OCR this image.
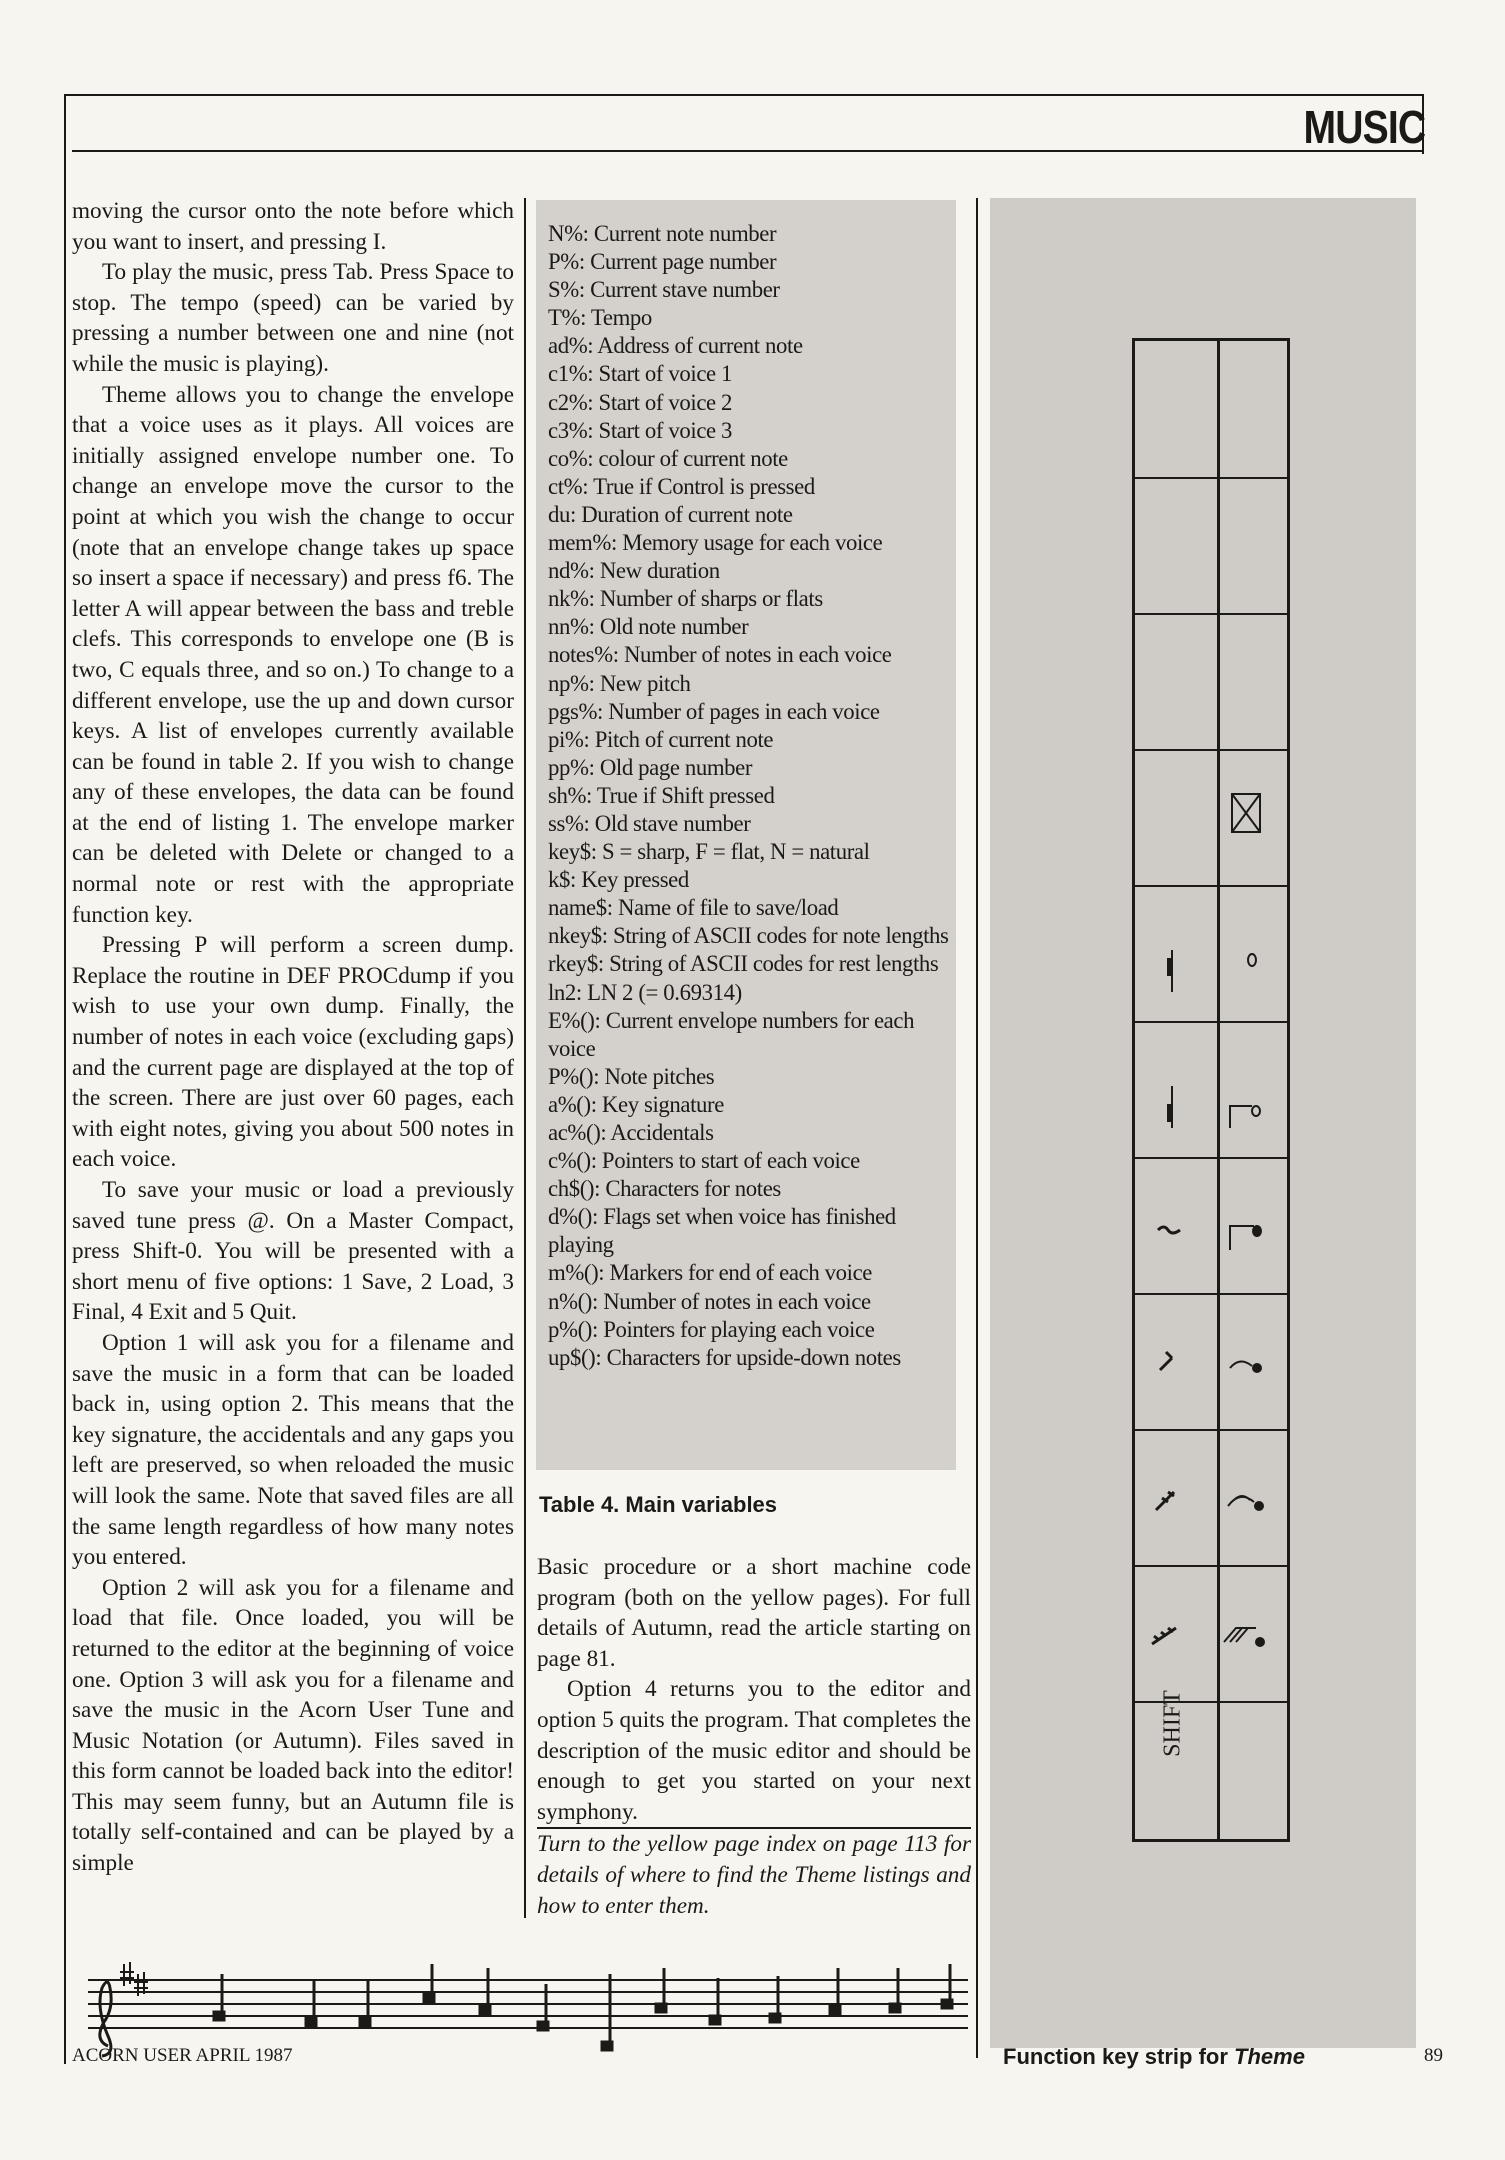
MUSIC

moving the cursor onto the note before which you want to insert, and pressing I.

To play the music, press Tab. Press Space to stop. The tempo (speed) can be varied by pressing a number between one and nine (not while the music is playing).

Theme allows you to change the envelope that a voice uses as it plays. All voices are initially assigned envelope number one. To change an envelope move the cursor to the point at which you wish the change to occur (note that an envelope change takes up space so insert a space if necessary) and press f6. The letter A will appear between the bass and treble clefs. This corresponds to envelope one (B is two, C equals three, and so on.) To change to a different envelope, use the up and down cursor keys. A list of envelopes currently available can be found in table 2. If you wish to change any of these envelopes, the data can be found at the end of listing 1. The envelope marker can be deleted with Delete or changed to a normal note or rest with the appropriate function key.

Pressing P will perform a screen dump. Replace the routine in DEF PROCdump if you wish to use your own dump. Finally, the number of notes in each voice (excluding gaps) and the current page are displayed at the top of the screen. There are just over 60 pages, each with eight notes, giving you about 500 notes in each voice.

To save your music or load a previously saved tune press @. On a Master Compact, press Shift-0. You will be presented with a short menu of five options: 1 Save, 2 Load, 3 Final, 4 Exit and 5 Quit.

Option 1 will ask you for a filename and save the music in a form that can be loaded back in, using option 2. This means that the key signature, the accidentals and any gaps you left are preserved, so when reloaded the music will look the same. Note that saved files are all the same length regardless of how many notes you entered.

Option 2 will ask you for a filename and load that file. Once loaded, you will be returned to the editor at the beginning of voice one. Option 3 will ask you for a filename and save the music in the Acorn User Tune and Music Notation (or Autumn). Files saved in this form cannot be loaded back into the editor! This may seem funny, but an Autumn file is totally self-contained and can be played by a simple

N%: Current note number
P%: Current page number
S%: Current stave number
T%: Tempo
ad%: Address of current note
c1%: Start of voice 1
c2%: Start of voice 2
c3%: Start of voice 3
co%: colour of current note
ct%: True if Control is pressed
du: Duration of current note
mem%: Memory usage for each voice
nd%: New duration
nk%: Number of sharps or flats
nn%: Old note number
notes%: Number of notes in each voice
np%: New pitch
pgs%: Number of pages in each voice
pi%: Pitch of current note
pp%: Old page number
sh%: True if Shift pressed
ss%: Old stave number
key$: S = sharp, F = flat, N = natural
k$: Key pressed
name$: Name of file to save/load
nkey$: String of ASCII codes for note lengths
rkey$: String of ASCII codes for rest lengths
ln2: LN 2 (= 0.69314)
E%(): Current envelope numbers for each voice
P%(): Note pitches
a%(): Key signature
ac%(): Accidentals
c%(): Pointers to start of each voice
ch$(): Characters for notes
d%(): Flags set when voice has finished playing
m%(): Markers for end of each voice
n%(): Number of notes in each voice
p%(): Pointers for playing each voice
up$(): Characters for upside-down notes
Table 4. Main variables

Basic procedure or a short machine code program (both on the yellow pages). For full details of Autumn, read the article starting on page 81.

Option 4 returns you to the editor and option 5 quits the program. That completes the description of the music editor and should be enough to get you started on your next symphony.

Turn to the yellow page index on page 113 for details of where to find the Theme listings and how to enter them.

SHIFT
Function key strip for Theme
ACORN USER APRIL 1987	89
